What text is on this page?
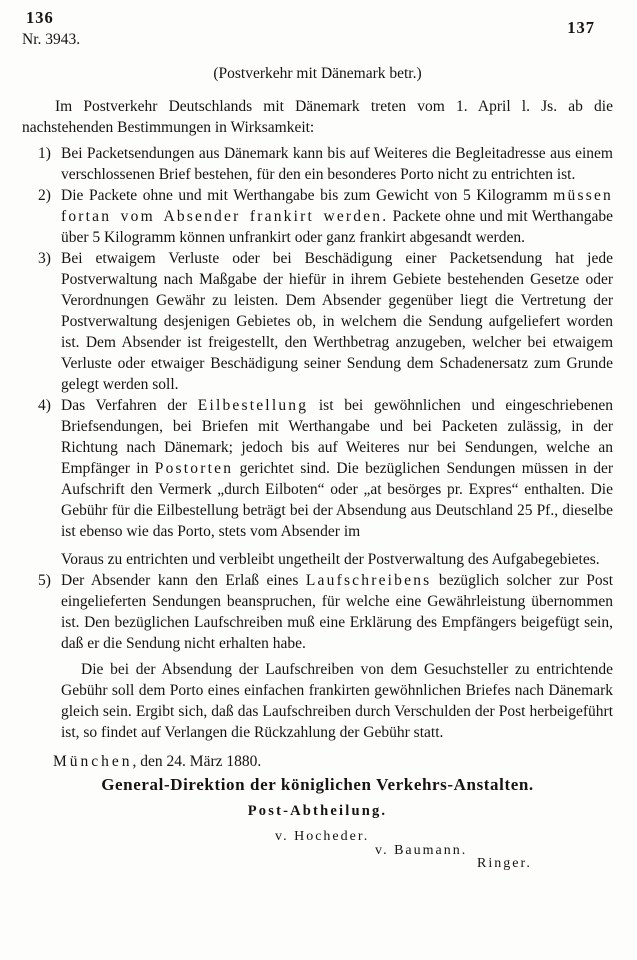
136
Nr. 3943.
137
(Postverkehr mit Dänemark betr.)

Im Postverkehr Deutschlands mit Dänemark treten vom 1. April l. Js. ab die nachstehenden Bestimmungen in Wirksamkeit:

1) Bei Packetsendungen aus Dänemark kann bis auf Weiteres die Begleitadresse aus einem verschlossenen Brief bestehen, für den ein besonderes Porto nicht zu entrichten ist.

2) Die Packete ohne und mit Werthangabe bis zum Gewicht von 5 Kilogramm müssen fortan vom Absender frankirt werden. Packete ohne und mit Werthangabe über 5 Kilogramm können unfrankirt oder ganz frankirt abgesandt werden.

3) Bei etwaigem Verluste oder bei Beschädigung einer Packetsendung hat jede Postverwaltung nach Maßgabe der hiefür in ihrem Gebiete bestehenden Gesetze oder Verordnungen Gewähr zu leisten. Dem Absender gegenüber liegt die Vertretung der Postverwaltung desjenigen Gebietes ob, in welchem die Sendung aufgeliefert worden ist. Dem Absender ist freigestellt, den Werthbetrag anzugeben, welcher bei etwaigem Verluste oder etwaiger Beschädigung seiner Sendung dem Schadenersatz zum Grunde gelegt werden soll.

4) Das Verfahren der Eilbestellung ist bei gewöhnlichen und eingeschriebenen Briefsendungen, bei Briefen mit Werthangabe und bei Packeten zulässig, in der Richtung nach Dänemark; jedoch bis auf Weiteres nur bei Sendungen, welche an Empfänger in Postorten gerichtet sind. Die bezüglichen Sendungen müssen in der Aufschrift den Vermerk „durch Eilboten“ oder „at besörges pr. Expres“ enthalten. Die Gebühr für die Eilbestellung beträgt bei der Absendung aus Deutschland 25 Pf., dieselbe ist ebenso wie das Porto, stets vom Absender im

Voraus zu entrichten und verbleibt ungetheilt der Postverwaltung des Aufgabegebietes.

5) Der Absender kann den Erlaß eines Laufschreibens bezüglich solcher zur Post eingelieferten Sendungen beanspruchen, für welche eine Gewährleistung übernommen ist. Den bezüglichen Laufschreiben muß eine Erklärung des Empfängers beigefügt sein, daß er die Sendung nicht erhalten habe.

Die bei der Absendung der Laufschreiben von dem Gesuchsteller zu entrichtende Gebühr soll dem Porto eines einfachen frankirten gewöhnlichen Briefes nach Dänemark gleich sein. Ergibt sich, daß das Laufschreiben durch Verschulden der Post herbeigeführt ist, so findet auf Verlangen die Rückzahlung der Gebühr statt.

München, den 24. März 1880.
General-Direktion der königlichen Verkehrs-Anstalten.
Post-Abtheilung.
v. Hocheder.
v. Baumann.
Ringer.
